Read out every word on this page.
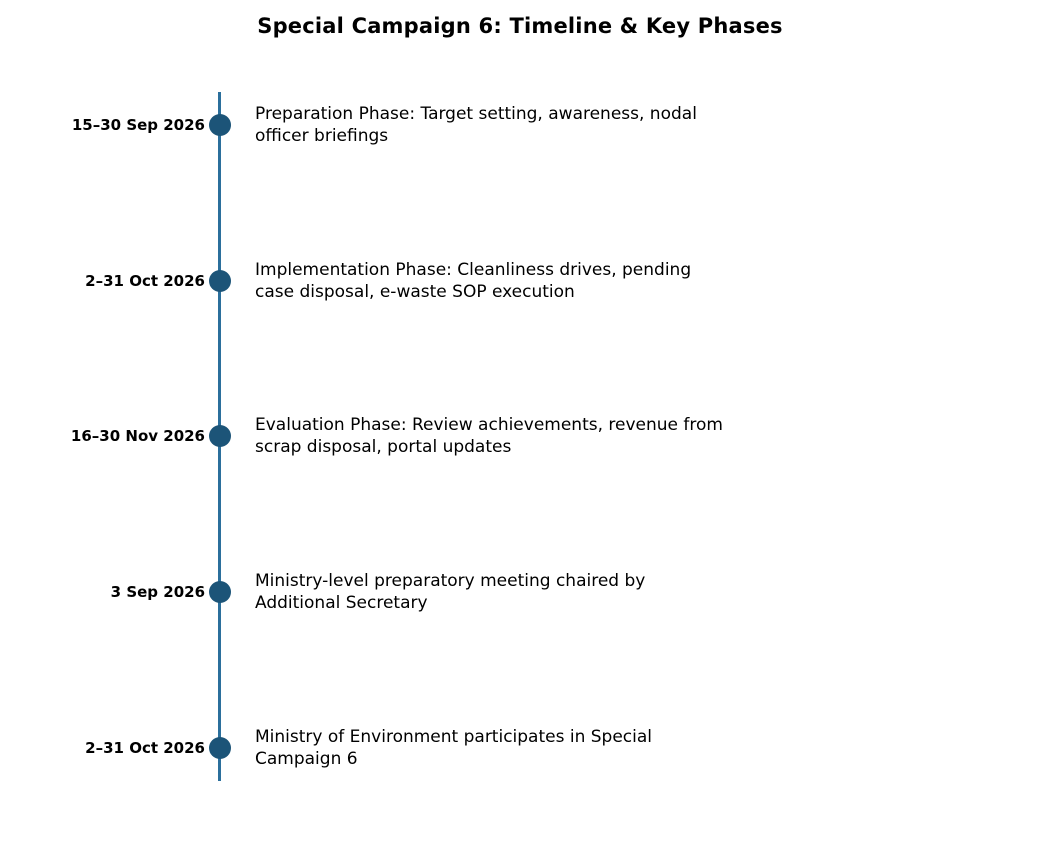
Special Campaign 6: Timeline & Key Phases
15–30 Sep 2026
Preparation Phase: Target setting, awareness, nodal
officer briefings
2–31 Oct 2026
Implementation Phase: Cleanliness drives, pending
case disposal, e-waste SOP execution
16–30 Nov 2026
Evaluation Phase: Review achievements, revenue from
scrap disposal, portal updates
3 Sep 2026
Ministry-level preparatory meeting chaired by
Additional Secretary
2–31 Oct 2026
Ministry of Environment participates in Special
Campaign 6
